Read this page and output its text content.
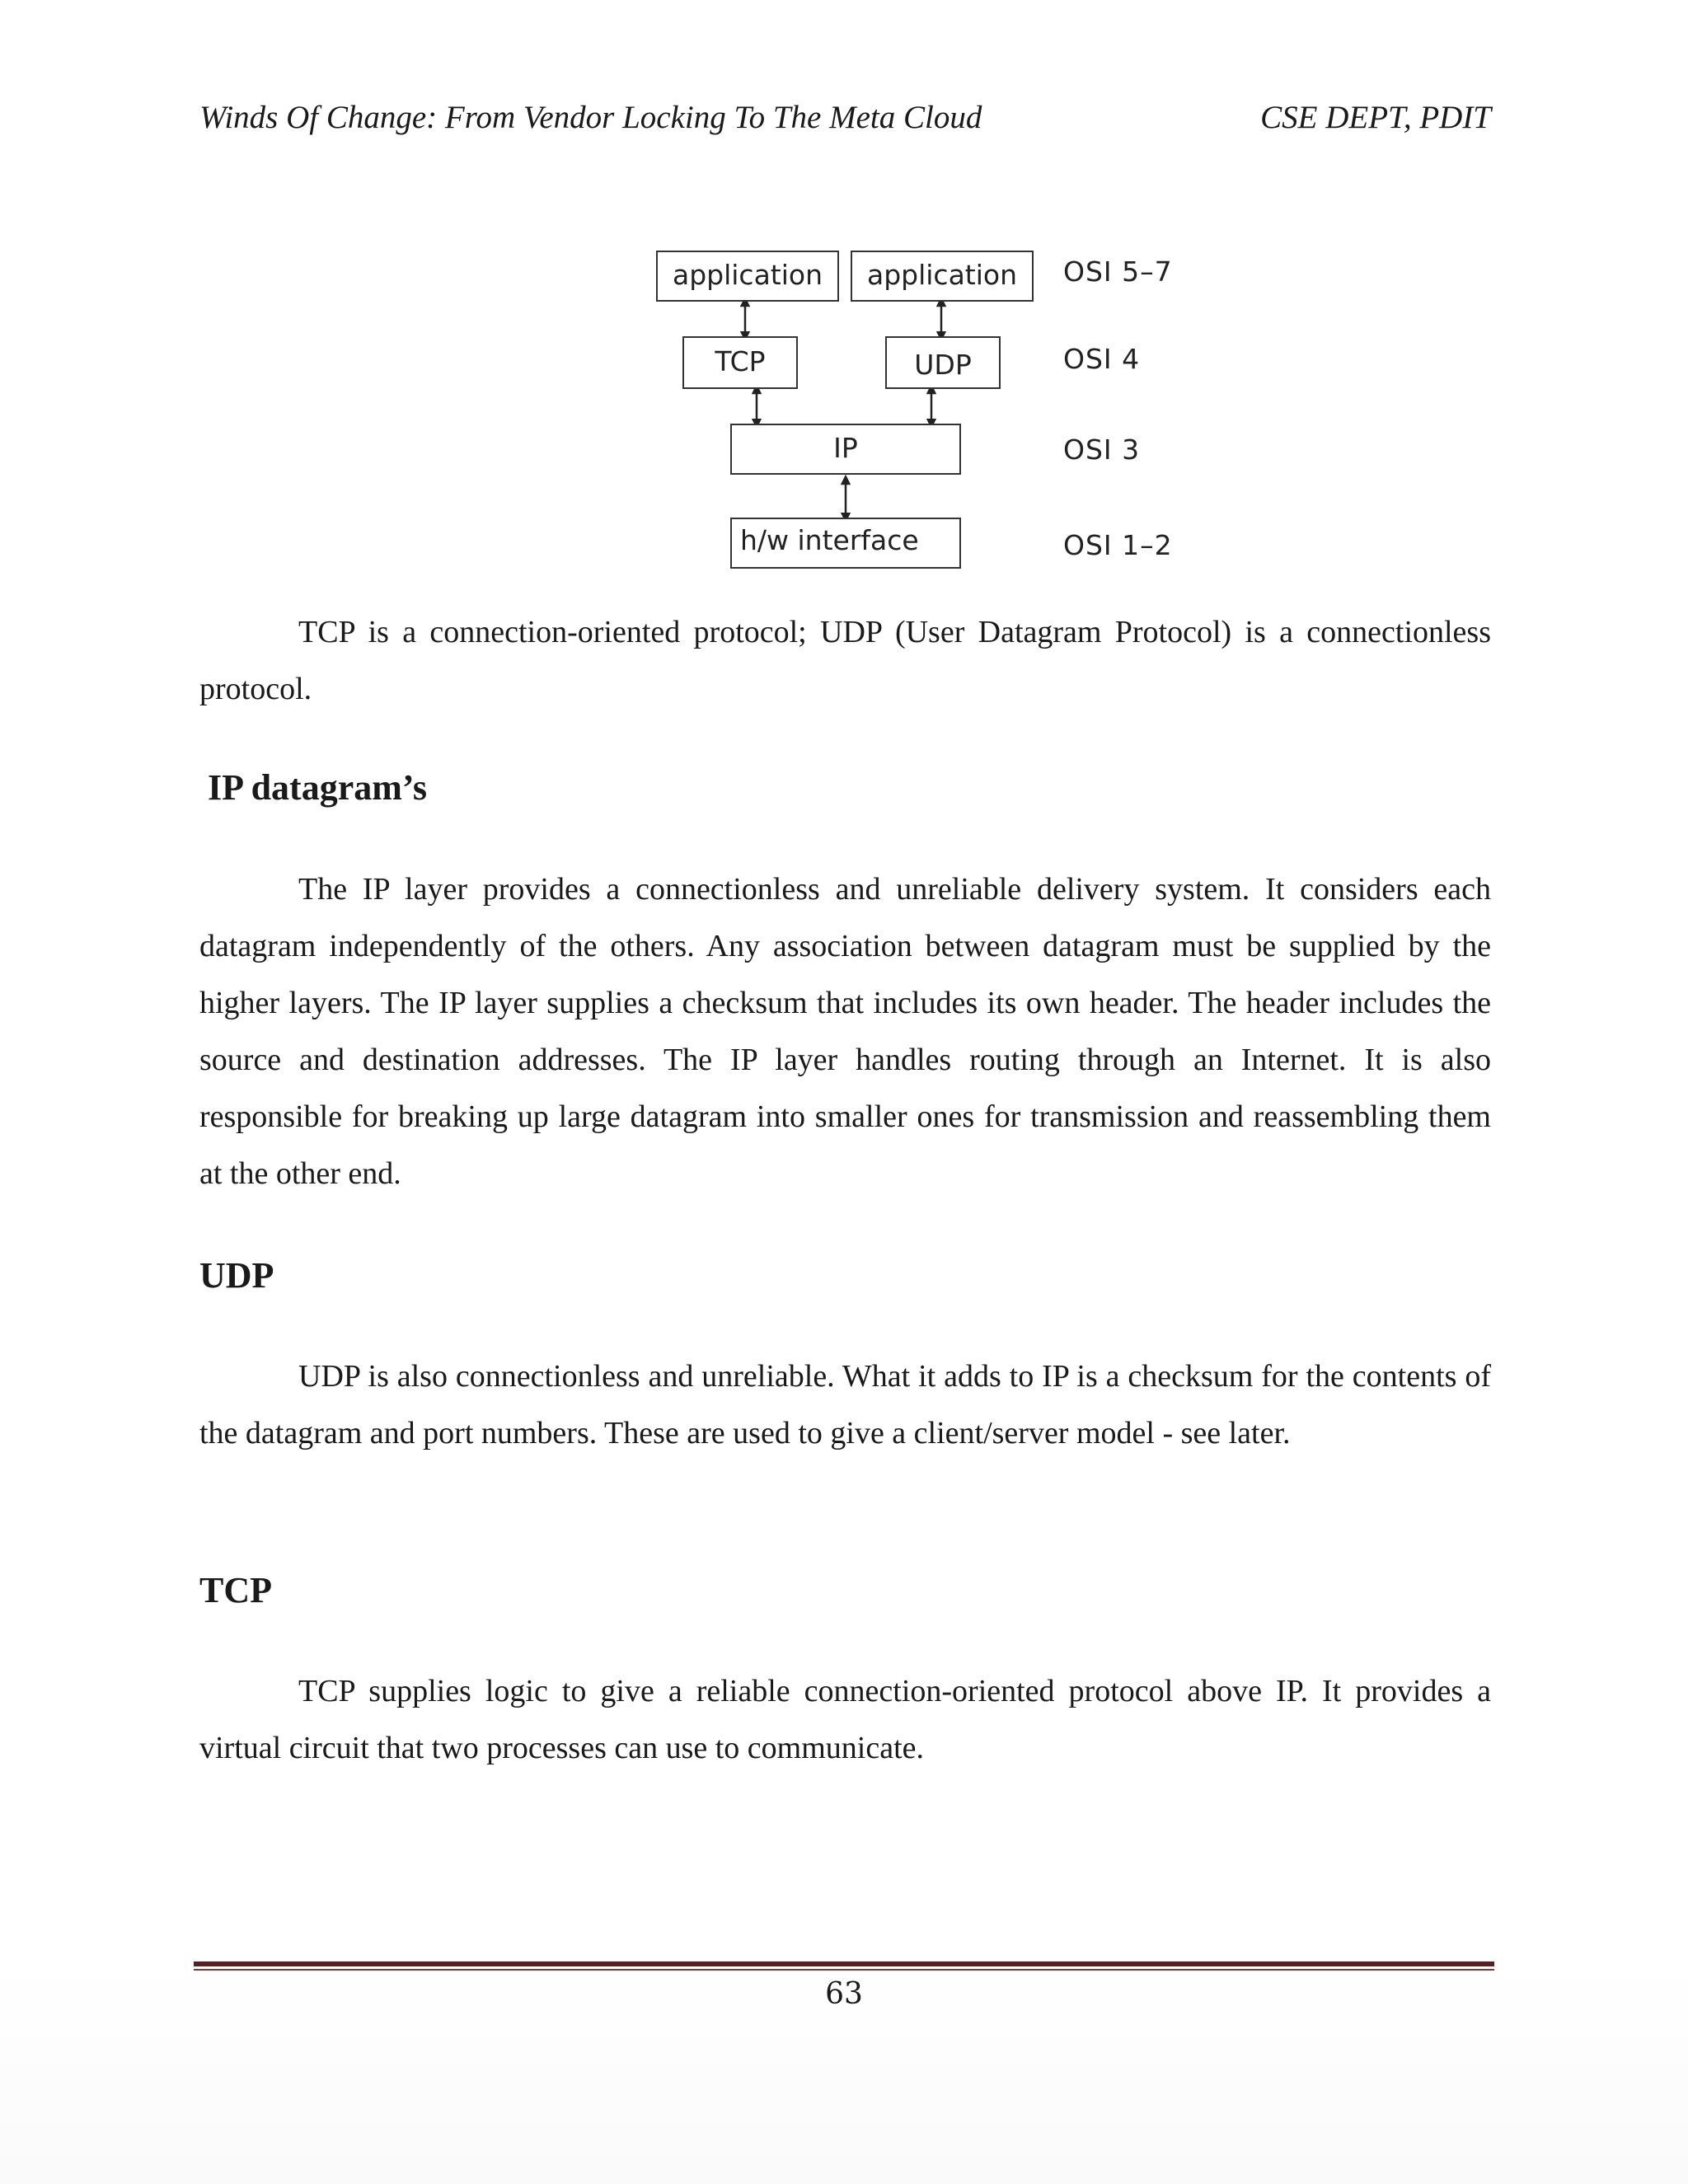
Winds Of Change: From Vendor Locking To The Meta Cloud	CSE DEPT, PDIT
application	application
TCP	UDP
IP
h/w interface
OSI 5–7
OSI 4
OSI 3
OSI 1–2

TCP is a connection-oriented protocol; UDP (User Datagram Protocol) is a connectionless protocol.

IP datagram’s

The IP layer provides a connectionless and unreliable delivery system. It considers each datagram independently of the others. Any association between datagram must be supplied by the higher layers. The IP layer supplies a checksum that includes its own header. The header includes the source and destination addresses. The IP layer handles routing through an Internet. It is also responsible for breaking up large datagram into smaller ones for transmission and reassembling them at the other end.

UDP

UDP is also connectionless and unreliable. What it adds to IP is a checksum for the contents of the datagram and port numbers. These are used to give a client/server model - see later.

TCP

TCP supplies logic to give a reliable connection-oriented protocol above IP. It provides a virtual circuit that two processes can use to communicate.

63
